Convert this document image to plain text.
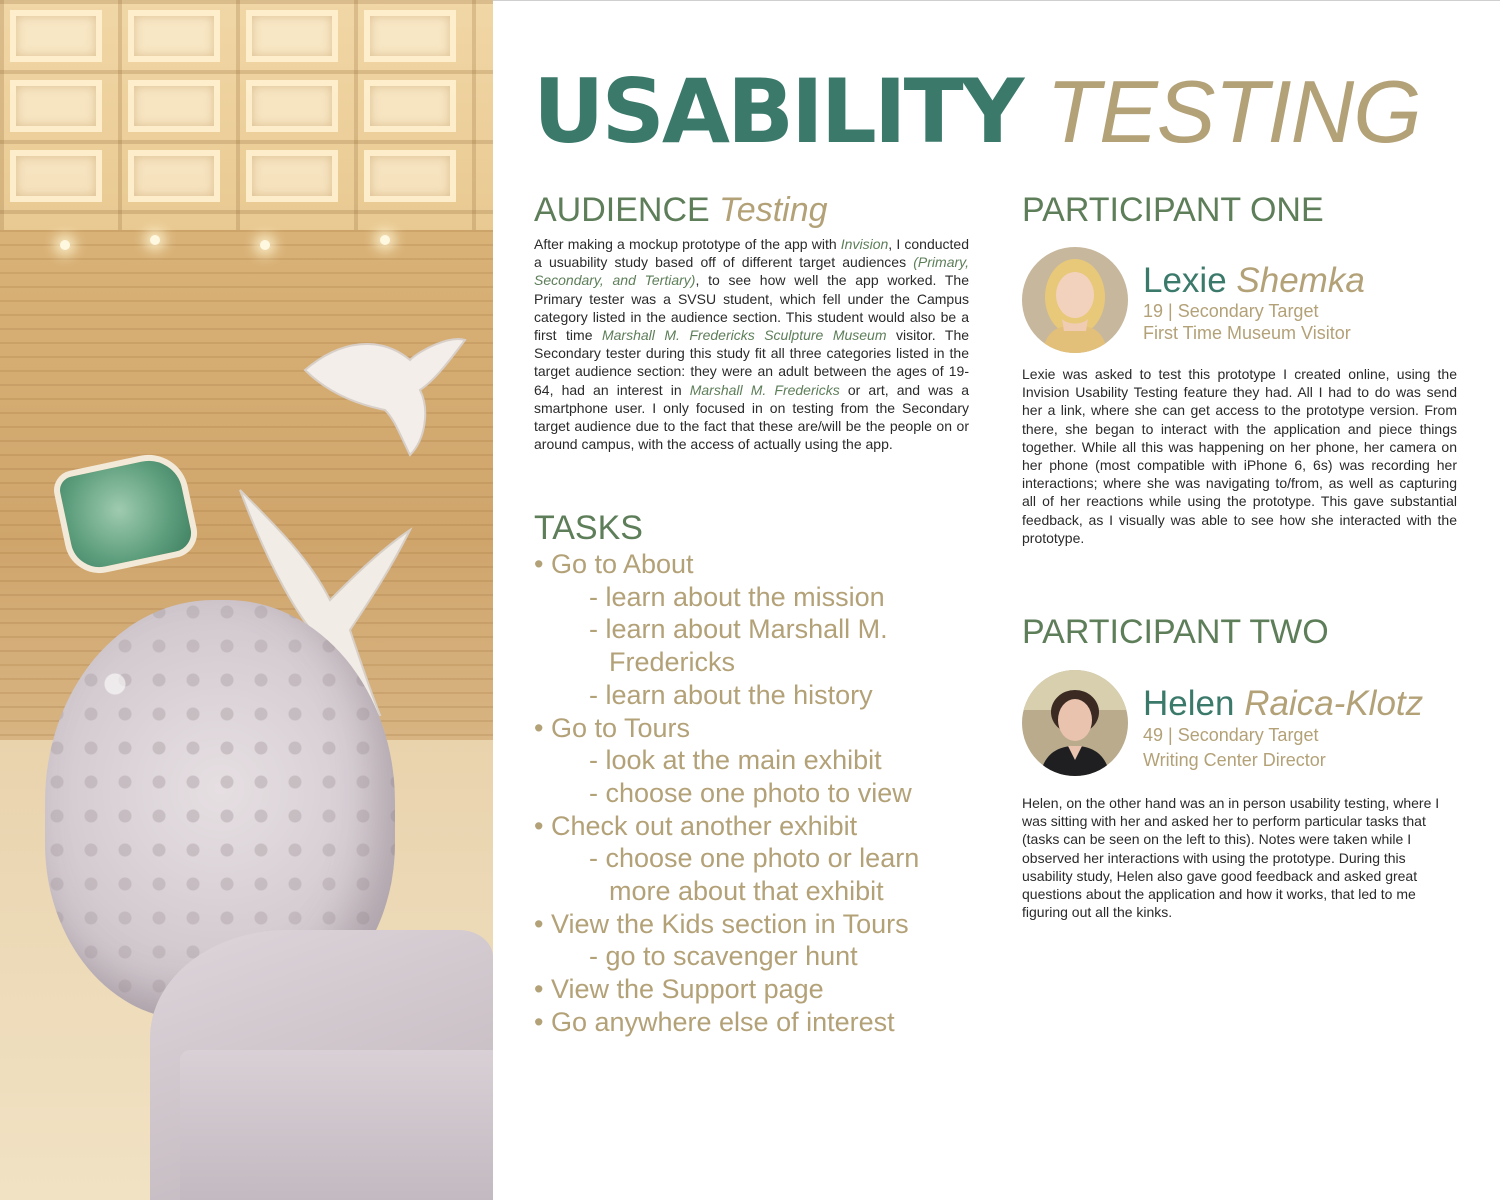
USABILITY TESTING
AUDIENCE Testing
After making a mockup prototype of the app with Invision, I conducted a usuability study based off of different target audiences (Primary, Secondary, and Tertiary), to see how well the app worked. The Primary tester was a SVSU student, which fell under the Campus category listed in the audience section. This student would also be a first time Marshall M. Fredericks Sculpture Museum visitor. The Secondary tester during this study fit all three categories listed in the target audience section: they were an adult between the ages of 19-64, had an interest in Marshall M. Fredericks or art, and was a smartphone user. I only focused in on testing from the Secondary target audience due to the fact that these are/will be the people on or around campus, with the access of actually using the app.
TASKS
• Go to About
- learn about the mission
- learn about Marshall M.
Fredericks
- learn about the history
• Go to Tours
- look at the main exhibit
- choose one photo to view
• Check out another exhibit
- choose one photo or learn
more about that exhibit
• View the Kids section in Tours
- go to scavenger hunt
• View the Support page
• Go anywhere else of interest
PARTICIPANT ONE
Lexie Shemka
19 | Secondary Target
First Time Museum Visitor
Lexie was asked to test this prototype I created online, using the Invision Usability Testing feature they had. All I had to do was send her a link, where she can get access to the prototype version. From there, she began to interact with the application and piece things together. While all this was happening on her phone, her camera on her phone (most compatible with iPhone 6, 6s) was recording her interactions; where she was navigating to/from, as well as capturing all of her reactions while using the prototype. This gave substantial feedback, as I visually was able to see how she interacted with the prototype.
PARTICIPANT TWO
Helen Raica-Klotz
49 | Secondary Target
Writing Center Director
Helen, on the other hand was an in person usability testing, where I was sitting with her and asked her to perform particular tasks that (tasks can be seen on the left to this). Notes were taken while I observed her interactions with using the prototype. During this usability study, Helen also gave good feedback and asked great questions about the application and how it works, that led to me figuring out all the kinks.
